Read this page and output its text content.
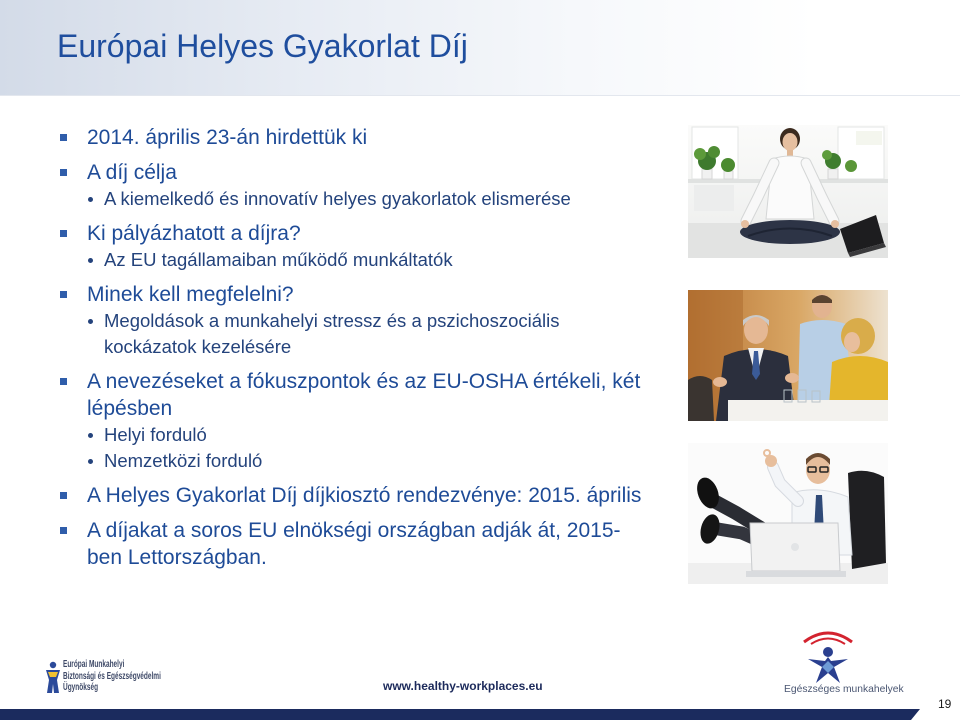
Európai Helyes Gyakorlat Díj
2014. április 23-án hirdettük ki
A díj célja
A kiemelkedő és innovatív helyes gyakorlatok elismerése
Ki pályázhatott a díjra?
Az EU tagállamaiban működő munkáltatók
Minek kell megfelelni?
Megoldások a munkahelyi stressz és a pszichoszociális
kockázatok kezelésére
A nevezéseket a fókuszpontok és az EU-OSHA értékeli, két
lépésben
Helyi forduló
Nemzetközi forduló
A Helyes Gyakorlat Díj díjkiosztó rendezvénye: 2015. április
A díjakat a soros EU elnökségi országban adják át, 2015-
ben Lettországban.
Európai Munkahelyi
Biztonsági és Egészségvédelmi
Ügynökség	www.healthy-workplaces.eu	Egészséges munkahelyek
19
